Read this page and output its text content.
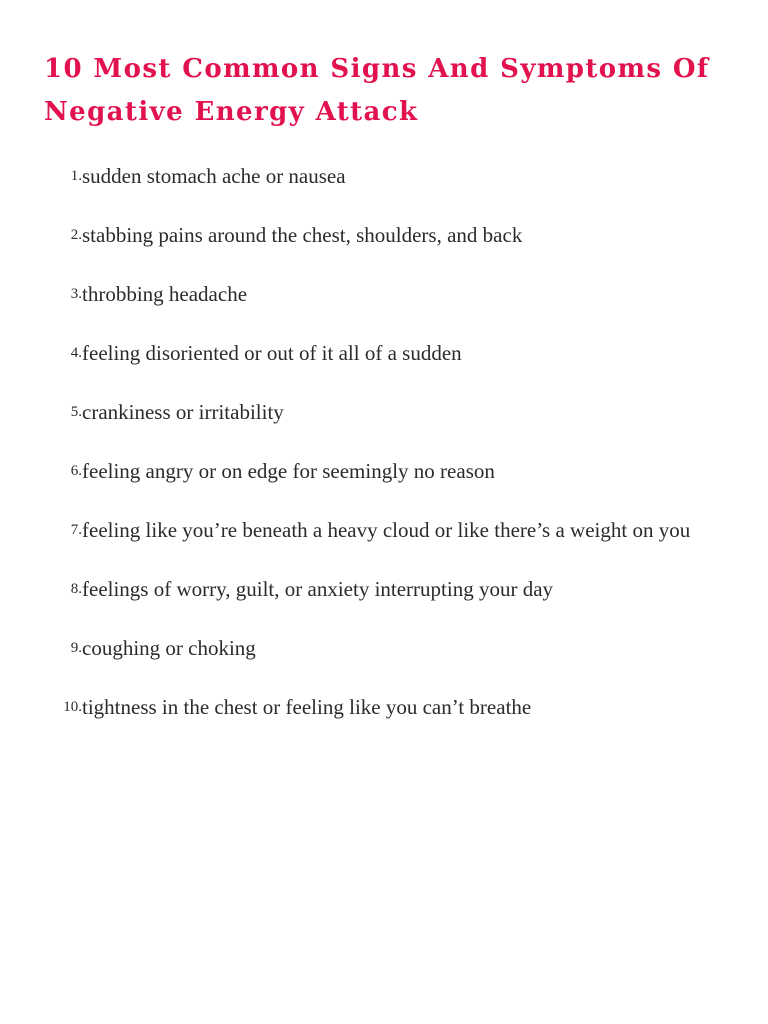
10 Most Common Signs And Symptoms Of Negative Energy Attack
1. sudden stomach ache or nausea
2. stabbing pains around the chest, shoulders, and back
3. throbbing headache
4. feeling disoriented or out of it all of a sudden
5. crankiness or irritability
6. feeling angry or on edge for seemingly no reason
7. feeling like you’re beneath a heavy cloud or like there’s a weight on you
8. feelings of worry, guilt, or anxiety interrupting your day
9. coughing or choking
10. tightness in the chest or feeling like you can’t breathe
